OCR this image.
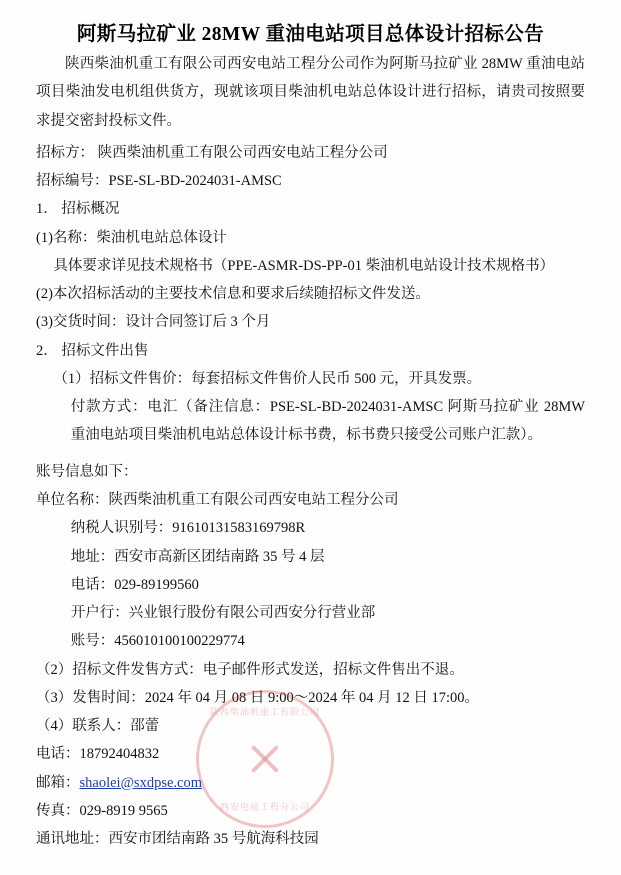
阿斯马拉矿业 28MW 重油电站项目总体设计招标公告

陕西柴油机重工有限公司西安电站工程分公司作为阿斯马拉矿业 28MW 重油电站项目柴油发电机组供货方，现就该项目柴油机电站总体设计进行招标，请贵司按照要求提交密封投标文件。

招标方： 陕西柴油机重工有限公司西安电站工程分公司

招标编号：PSE-SL-BD-2024031-AMSC

1． 招标概况

(1)名称：柴油机电站总体设计

具体要求详见技术规格书（PPE-ASMR-DS-PP-01 柴油机电站设计技术规格书）

(2)本次招标活动的主要技术信息和要求后续随招标文件发送。

(3)交货时间：设计合同签订后 3 个月

2． 招标文件出售

（1）招标文件售价：每套招标文件售价人民币 500 元，开具发票。

付款方式：电汇（备注信息：PSE-SL-BD-2024031-AMSC 阿斯马拉矿业 28MW 重油电站项目柴油机电站总体设计标书费，标书费只接受公司账户汇款）。

账号信息如下：

单位名称：陕西柴油机重工有限公司西安电站工程分公司

纳税人识别号：91610131583169798R

地址：西安市高新区团结南路 35 号 4 层

电话：029-89199560

开户行：兴业银行股份有限公司西安分行营业部

账号：456010100100229774

（2）招标文件发售方式：电子邮件形式发送，招标文件售出不退。

（3）发售时间：2024 年 04 月 08 日 9:00～2024 年 04 月 12 日 17:00。

（4）联系人：邵蕾

电话：18792404832

邮箱：shaolei@sxdpse.com

传真：029-8919 9565

通讯地址：西安市团结南路 35 号航海科技园

陕西柴油机重工有限公司
西安电站工程分公司
